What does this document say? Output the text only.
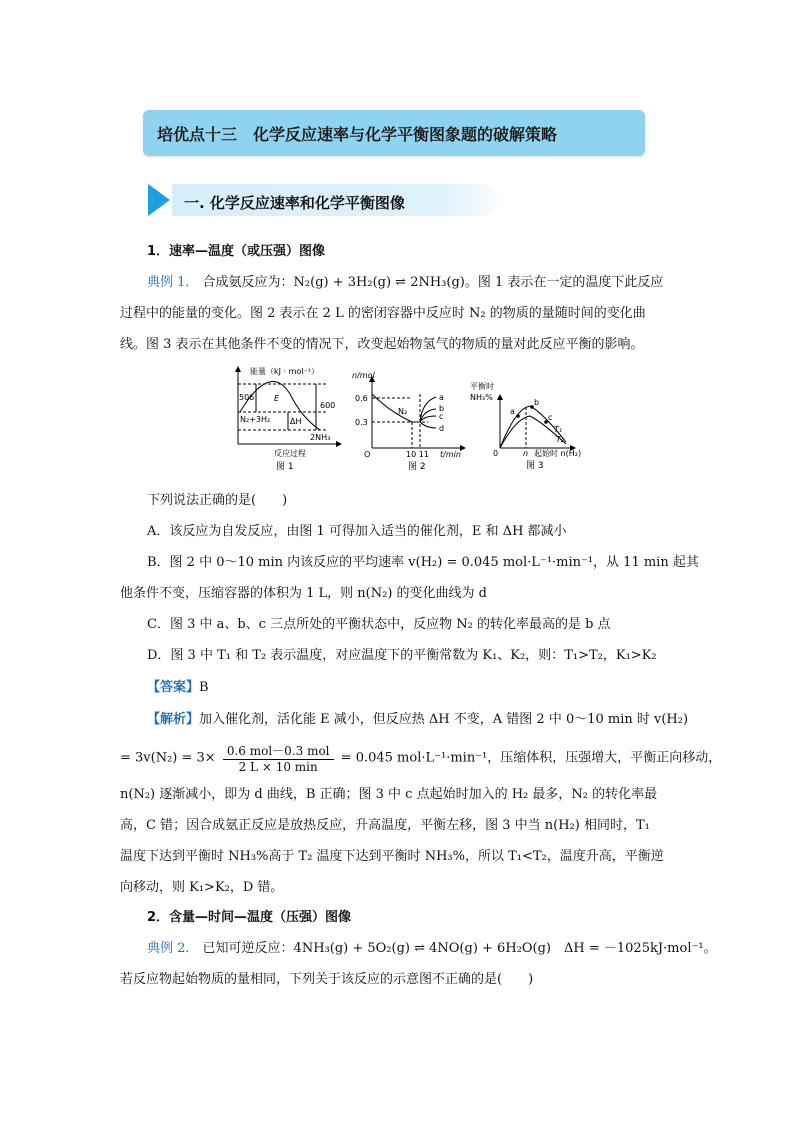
培优点十三　化学反应速率与化学平衡图象题的破解策略
一. 化学反应速率和化学平衡图像
1．速率—温度（或压强）图像
典例 1． 合成氨反应为：N₂(g) + 3H₂(g) ⇌ 2NH₃(g)。图 1 表示在一定的温度下此反应
过程中的能量的变化。图 2 表示在 2 L 的密闭容器中反应时 N₂ 的物质的量随时间的变化曲
线。图 3 表示在其他条件不变的情况下，改变起始物氢气的物质的量对此反应平衡的影响。
能量（kJ · mol⁻¹）
506
600
E
ΔH
N₂+3H₂
2NH₃
反应过程
图 1
n/mol
0.6
0.3
N₂
a
b
c
d
O	10 11 t/min
图 2
平衡时
NH₃%
a
b
c
T₁
T₂
0	n 起始时 n(H₂)
图 3
下列说法正确的是(　　)
A．该反应为自发反应，由图 1 可得加入适当的催化剂，E 和 ΔH 都减小
B．图 2 中 0～10 min 内该反应的平均速率 v(H₂) = 0.045 mol·L⁻¹·min⁻¹，从 11 min 起其
他条件不变，压缩容器的体积为 1 L，则 n(N₂) 的变化曲线为 d
C．图 3 中 a、b、c 三点所处的平衡状态中，反应物 N₂ 的转化率最高的是 b 点
D．图 3 中 T₁ 和 T₂ 表示温度，对应温度下的平衡常数为 K₁、K₂，则：T₁>T₂，K₁>K₂
【答案】B
【解析】加入催化剂，活化能 E 减小，但反应热 ΔH 不变，A 错图 2 中 0～10 min 时 v(H₂)
= 3v(N₂) = 3× 0.6 mol－0.3 mol
2 L × 10 min
= 0.045 mol·L⁻¹·min⁻¹，压缩体积，压强增大，平衡正向移动，
n(N₂) 逐渐减小，即为 d 曲线，B 正确；图 3 中 c 点起始时加入的 H₂ 最多，N₂ 的转化率最
高，C 错；因合成氨正反应是放热反应，升高温度，平衡左移，图 3 中当 n(H₂) 相同时，T₁
温度下达到平衡时 NH₃%高于 T₂ 温度下达到平衡时 NH₃%，所以 T₁<T₂，温度升高，平衡逆
向移动，则 K₁>K₂，D 错。
2．含量—时间—温度（压强）图像
典例 2． 已知可逆反应：4NH₃(g) + 5O₂(g) ⇌ 4NO(g) + 6H₂O(g)　ΔH = －1025kJ·mol⁻¹。
若反应物起始物质的量相同，下列关于该反应的示意图不正确的是(　　)
